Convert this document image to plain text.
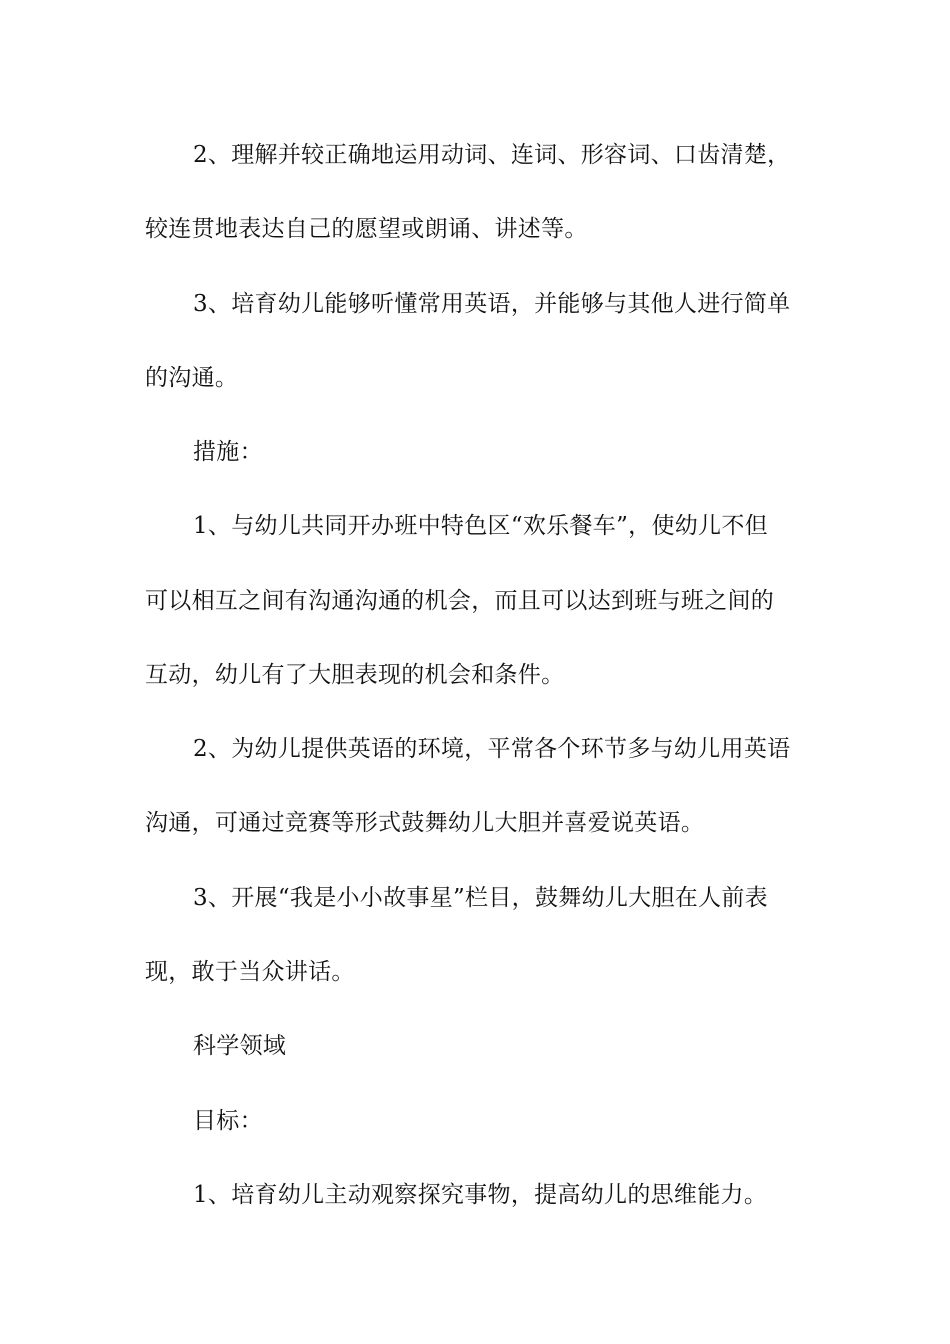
2、理解并较正确地运用动词、连词、形容词、口齿清楚，
较连贯地表达自己的愿望或朗诵、讲述等。
3、培育幼儿能够听懂常用英语，并能够与其他人进行简单
的沟通。
措施：
1、与幼儿共同开办班中特色区“欢乐餐车”，使幼儿不但
可以相互之间有沟通沟通的机会，而且可以达到班与班之间的
互动，幼儿有了大胆表现的机会和条件。
2、为幼儿提供英语的环境，平常各个环节多与幼儿用英语
沟通，可通过竞赛等形式鼓舞幼儿大胆并喜爱说英语。
3、开展“我是小小故事星”栏目，鼓舞幼儿大胆在人前表
现，敢于当众讲话。
科学领域
目标：
1、培育幼儿主动观察探究事物，提高幼儿的思维能力。
